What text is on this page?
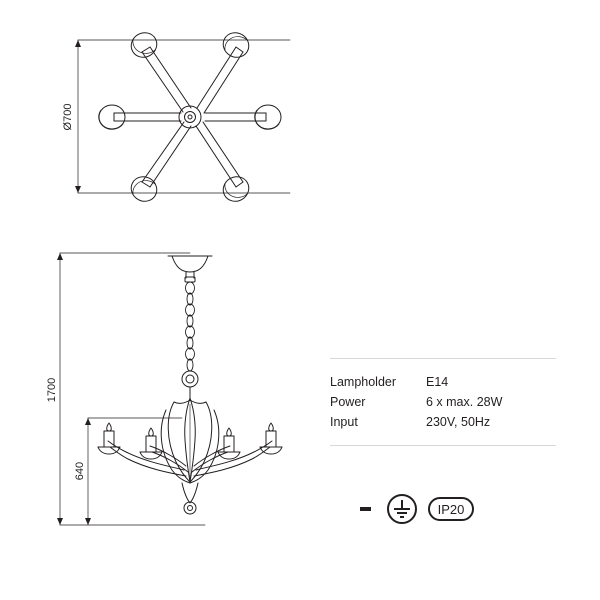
Ø700
1700
640
Lampholder	E14
Power	6 x max. 28W
Input	230V, 50Hz
IP20
